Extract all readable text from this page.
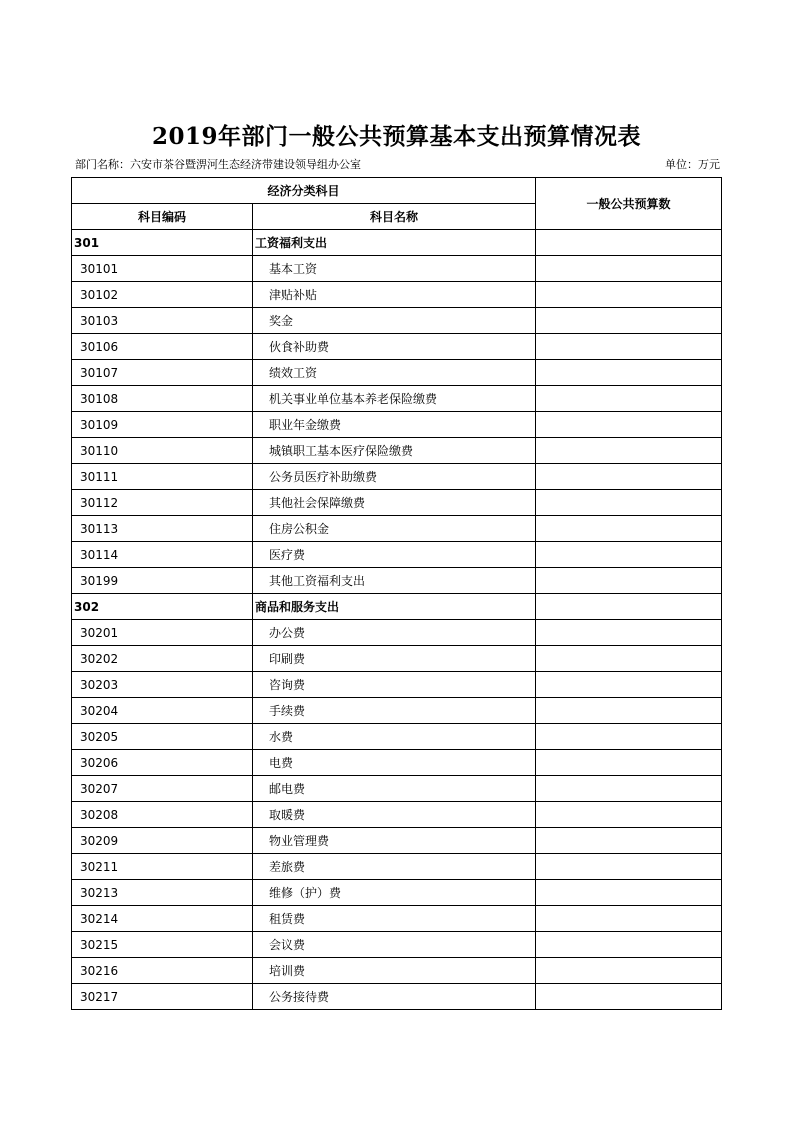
2019年部门一般公共预算基本支出预算情况表
部门名称：六安市茶谷暨淠河生态经济带建设领导组办公室	单位：万元
经济分类科目		一般公共预算数
科目编码	科目名称	
301	工资福利支出	
30101	基本工资	
30102	津贴补贴	
30103	奖金	
30106	伙食补助费	
30107	绩效工资	
30108	机关事业单位基本养老保险缴费	
30109	职业年金缴费	
30110	城镇职工基本医疗保险缴费	
30111	公务员医疗补助缴费	
30112	其他社会保障缴费	
30113	住房公积金	
30114	医疗费	
30199	其他工资福利支出	
302	商品和服务支出	
30201	办公费	
30202	印刷费	
30203	咨询费	
30204	手续费	
30205	水费	
30206	电费	
30207	邮电费	
30208	取暖费	
30209	物业管理费	
30211	差旅费	
30213	维修（护）费	
30214	租赁费	
30215	会议费	
30216	培训费	
30217	公务接待费	
